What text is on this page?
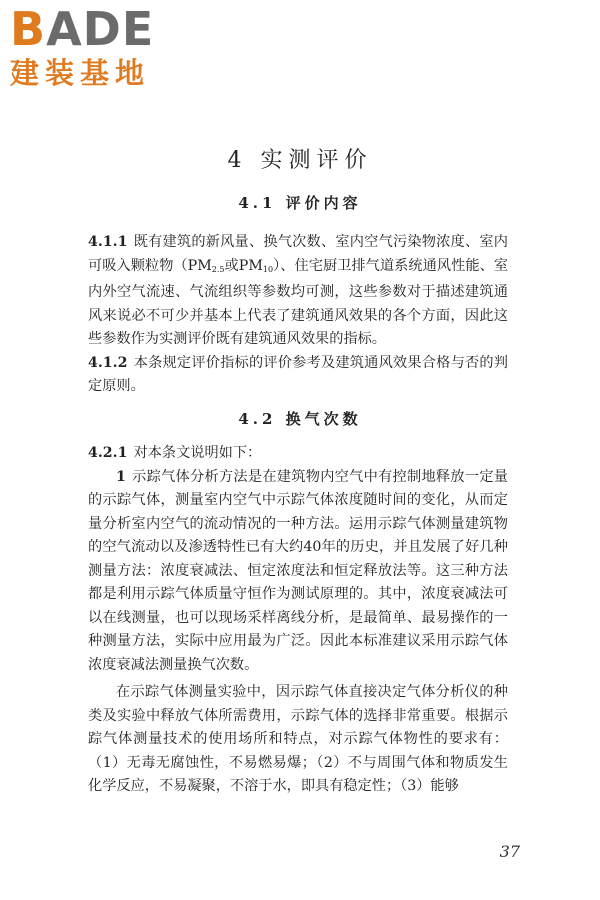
BADE
建装基地
4 实测评价
4.1 评价内容

4.1.1 既有建筑的新风量、换气次数、室内空气污染物浓度、室内可吸入颗粒物（$PM_{2.5}$或$PM_{10}$）、住宅厨卫排气道系统通风性能、室内外空气流速、气流组织等参数均可测，这些参数对于描述建筑通风来说必不可少并基本上代表了建筑通风效果的各个方面，因此这些参数作为实测评价既有建筑通风效果的指标。

4.1.2 本条规定评价指标的评价参考及建筑通风效果合格与否的判定原则。

4.2 换气次数

4.2.1 对本条文说明如下：

1 示踪气体分析方法是在建筑物内空气中有控制地释放一定量的示踪气体，测量室内空气中示踪气体浓度随时间的变化，从而定量分析室内空气的流动情况的一种方法。运用示踪气体测量建筑物的空气流动以及渗透特性已有大约40年的历史，并且发展了好几种测量方法：浓度衰减法、恒定浓度法和恒定释放法等。这三种方法都是利用示踪气体质量守恒作为测试原理的。其中，浓度衰减法可以在线测量，也可以现场采样离线分析，是最简单、最易操作的一种测量方法，实际中应用最为广泛。因此本标准建议采用示踪气体浓度衰减法测量换气次数。

在示踪气体测量实验中，因示踪气体直接决定气体分析仪的种类及实验中释放气体所需费用，示踪气体的选择非常重要。根据示踪气体测量技术的使用场所和特点，对示踪气体物性的要求有：（1）无毒无腐蚀性，不易燃易爆；（2）不与周围气体和物质发生化学反应，不易凝聚，不溶于水，即具有稳定性；（3）能够

37
